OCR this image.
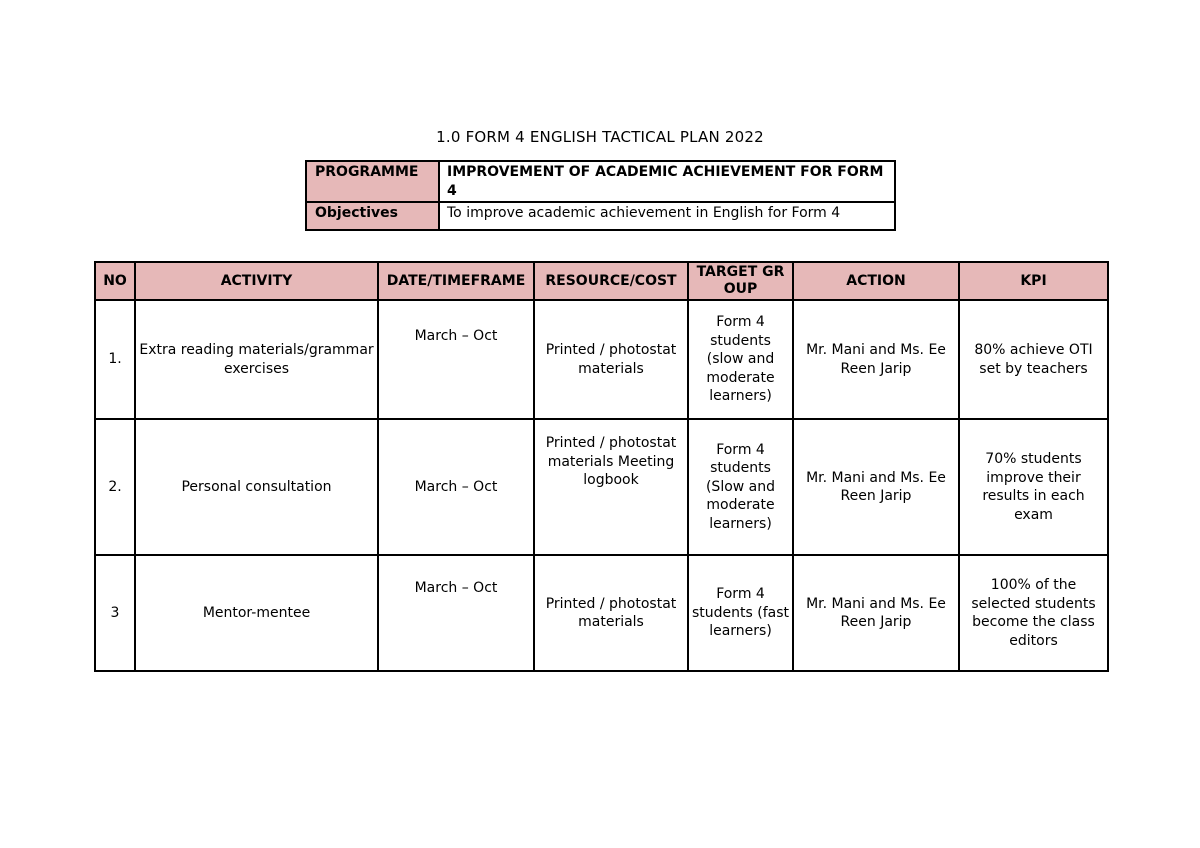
1.0 FORM 4 ENGLISH TACTICAL PLAN 2022
PROGRAMME	IMPROVEMENT OF ACADEMIC ACHIEVEMENT FOR FORM 4
Objectives	To improve academic achievement in English for Form 4
NO	ACTIVITY	DATE/TIMEFRAME	RESOURCE/COST	TARGET GROUP	ACTION	KPI
1.	Extra reading materials/grammar exercises	March – Oct	Printed / photostat materials	Form 4 students (slow and moderate learners)	Mr. Mani and Ms. Ee Reen Jarip	80% achieve OTI set by teachers
2.	Personal consultation	March – Oct	Printed / photostat materials Meeting logbook	Form 4 students (Slow and moderate learners)	Mr. Mani and Ms. Ee Reen Jarip	70% students improve their results in each exam
3	Mentor-mentee	March – Oct	Printed / photostat materials	Form 4 students (fast learners)	Mr. Mani and Ms. Ee Reen Jarip	100% of the selected students become the class editors
